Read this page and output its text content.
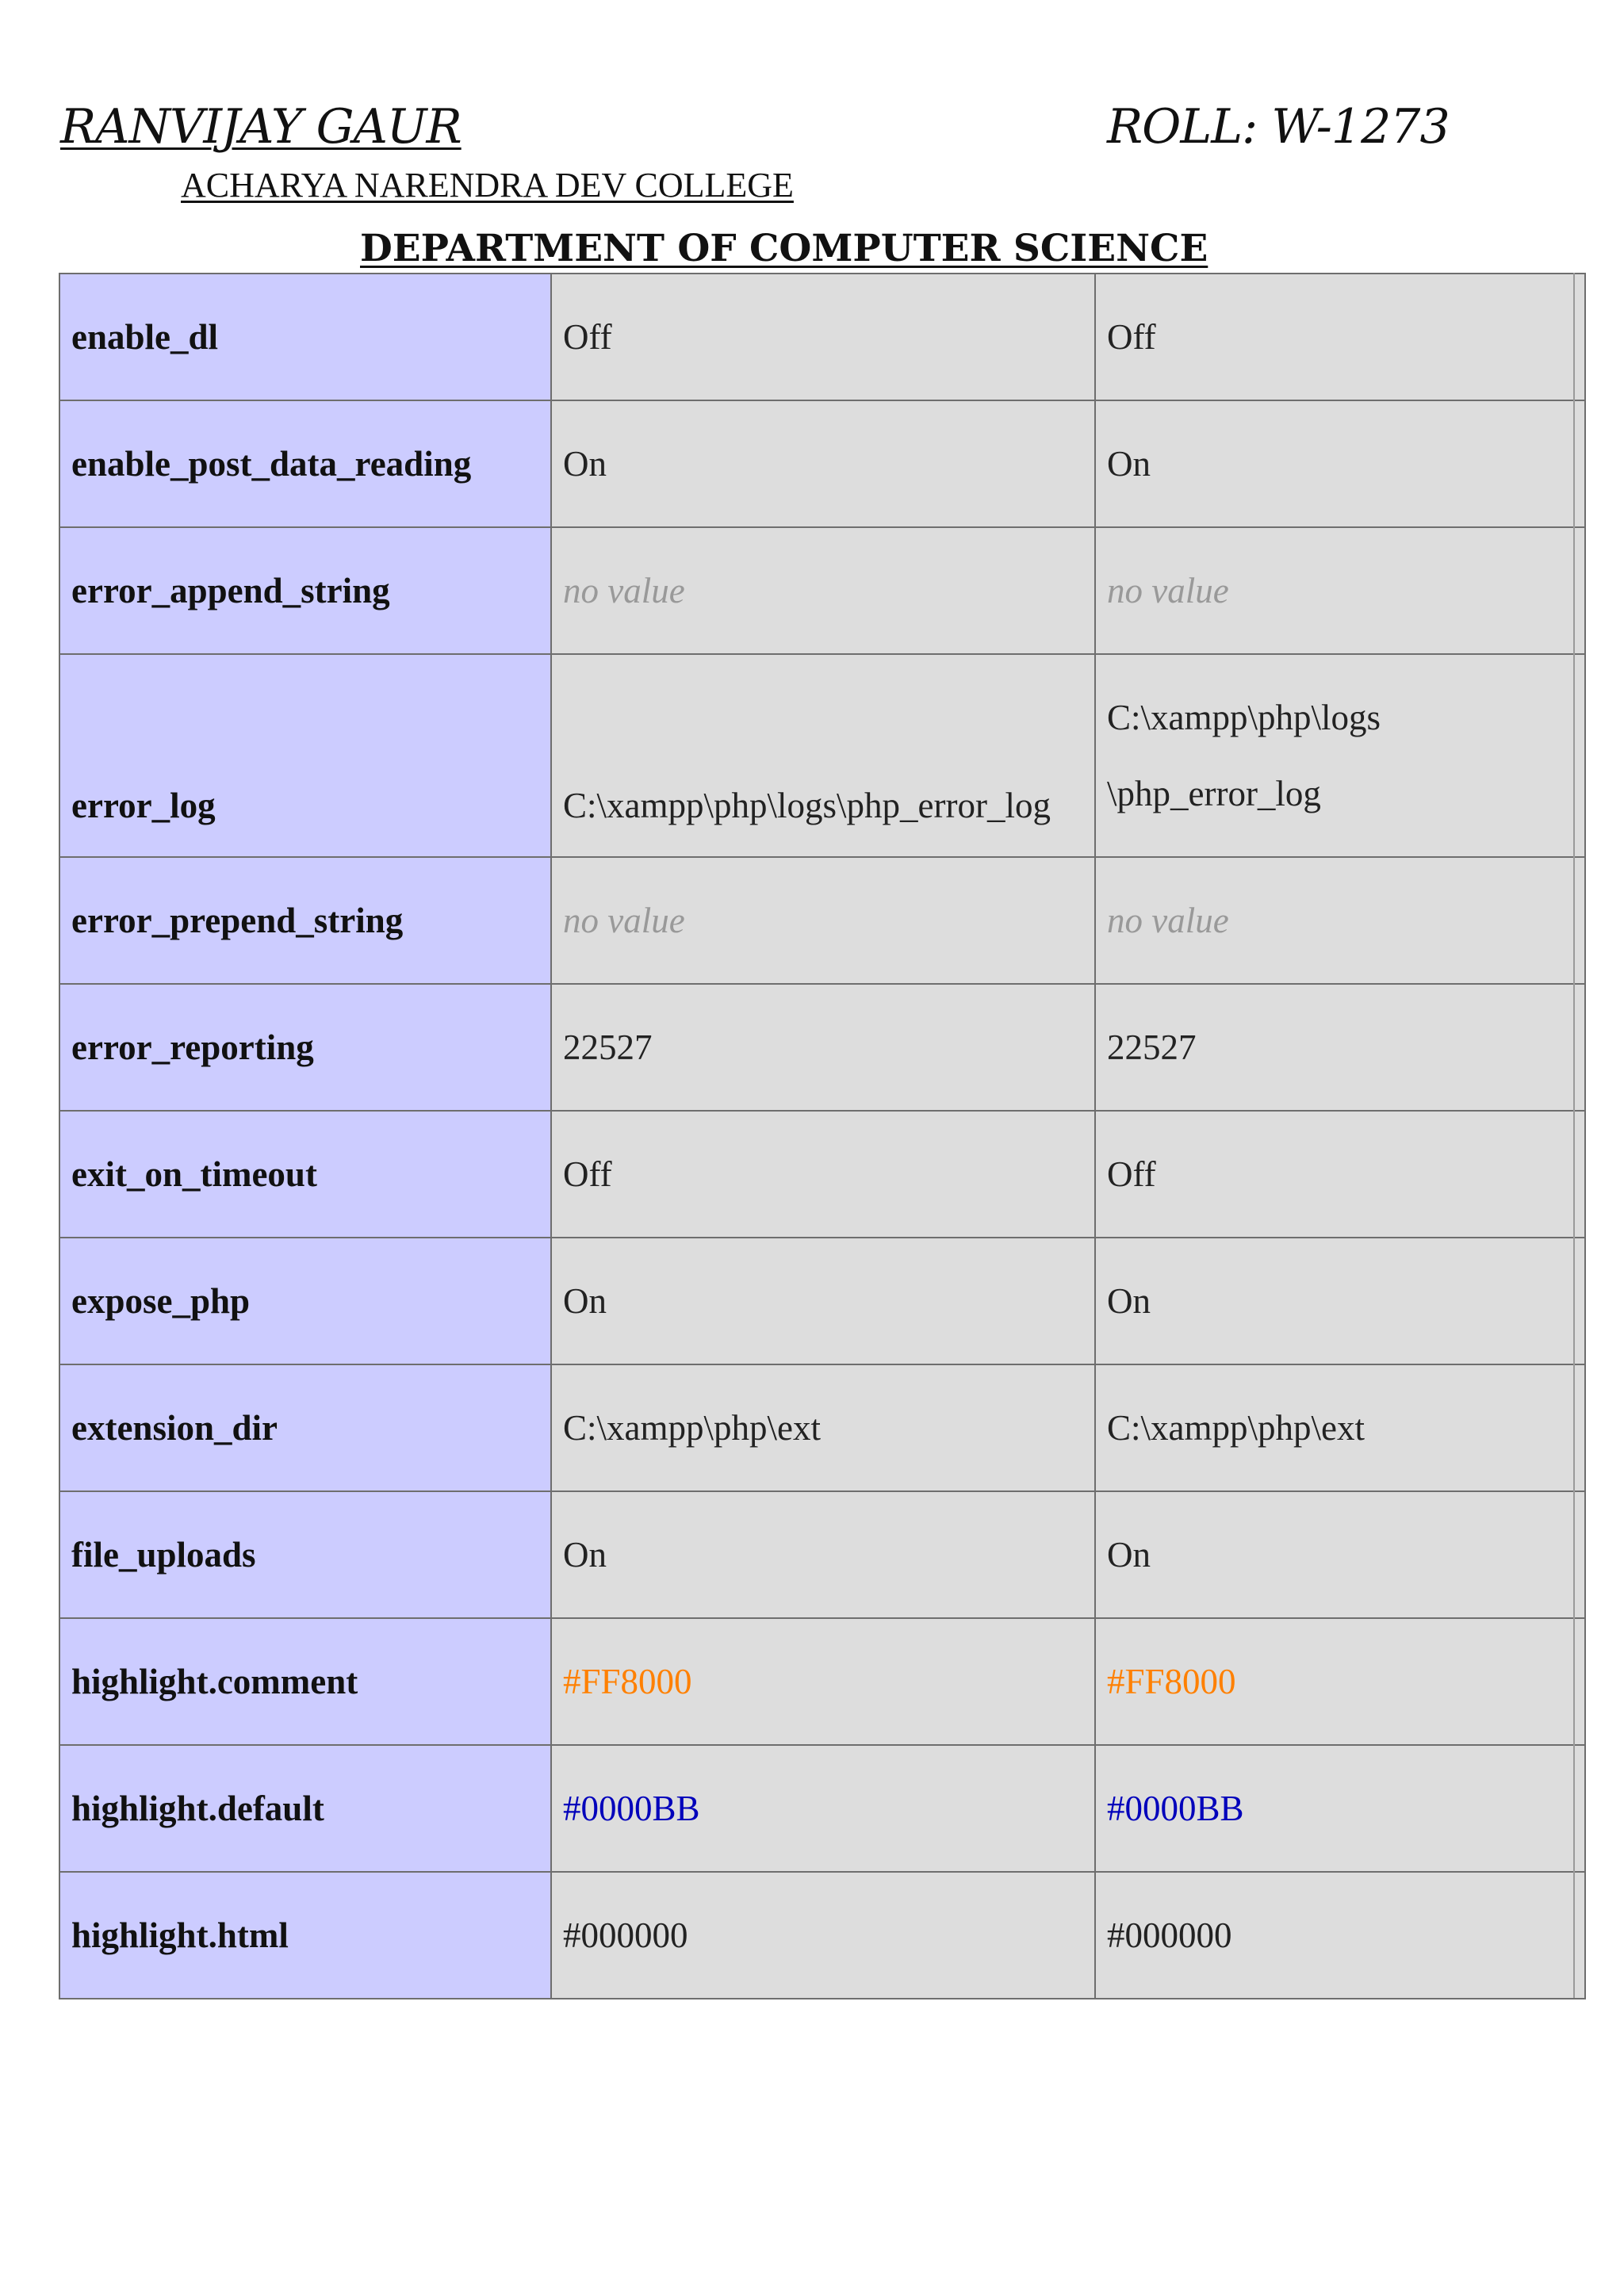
RANVIJAY GAUR	ROLL: W-1273
ACHARYA NARENDRA DEV COLLEGE
DEPARTMENT OF COMPUTER SCIENCE
enable_dl	Off	Off
enable_post_data_reading	On	On
error_append_string	no value	no value
error_log	C:\xampp\php\logs\php_error_log	C:\xampp\php\logs
\php_error_log

error_prepend_string	no value	no value
error_reporting	22527	22527
exit_on_timeout	Off	Off
expose_php	On	On
extension_dir	C:\xampp\php\ext	C:\xampp\php\ext
file_uploads	On	On
highlight.comment	#FF8000	#FF8000
highlight.default	#0000BB	#0000BB
highlight.html	#000000	#000000
